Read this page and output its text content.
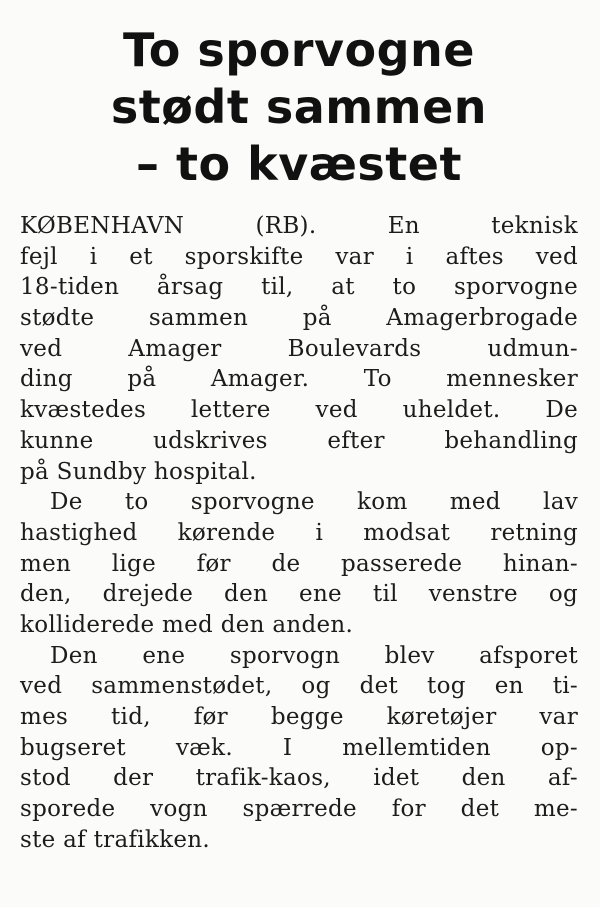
To sporvogne
stødt sammen
– to kvæstet

KØBENHAVN (RB). En teknisk
fejl i et sporskifte var i aftes ved
18-tiden årsag til, at to sporvogne
stødte sammen på Amagerbrogade
ved Amager Boulevards udmun-
ding på Amager. To mennesker
kvæstedes lettere ved uheldet. De
kunne udskrives efter behandling
på Sundby hospital.

De to sporvogne kom med lav
hastighed kørende i modsat retning
men lige før de passerede hinan-
den, drejede den ene til venstre og
kolliderede med den anden.

Den ene sporvogn blev afsporet
ved sammenstødet, og det tog en ti-
mes tid, før begge køretøjer var
bugseret væk. I mellemtiden op-
stod der trafik-kaos, idet den af-
sporede vogn spærrede for det me-
ste af trafikken.
